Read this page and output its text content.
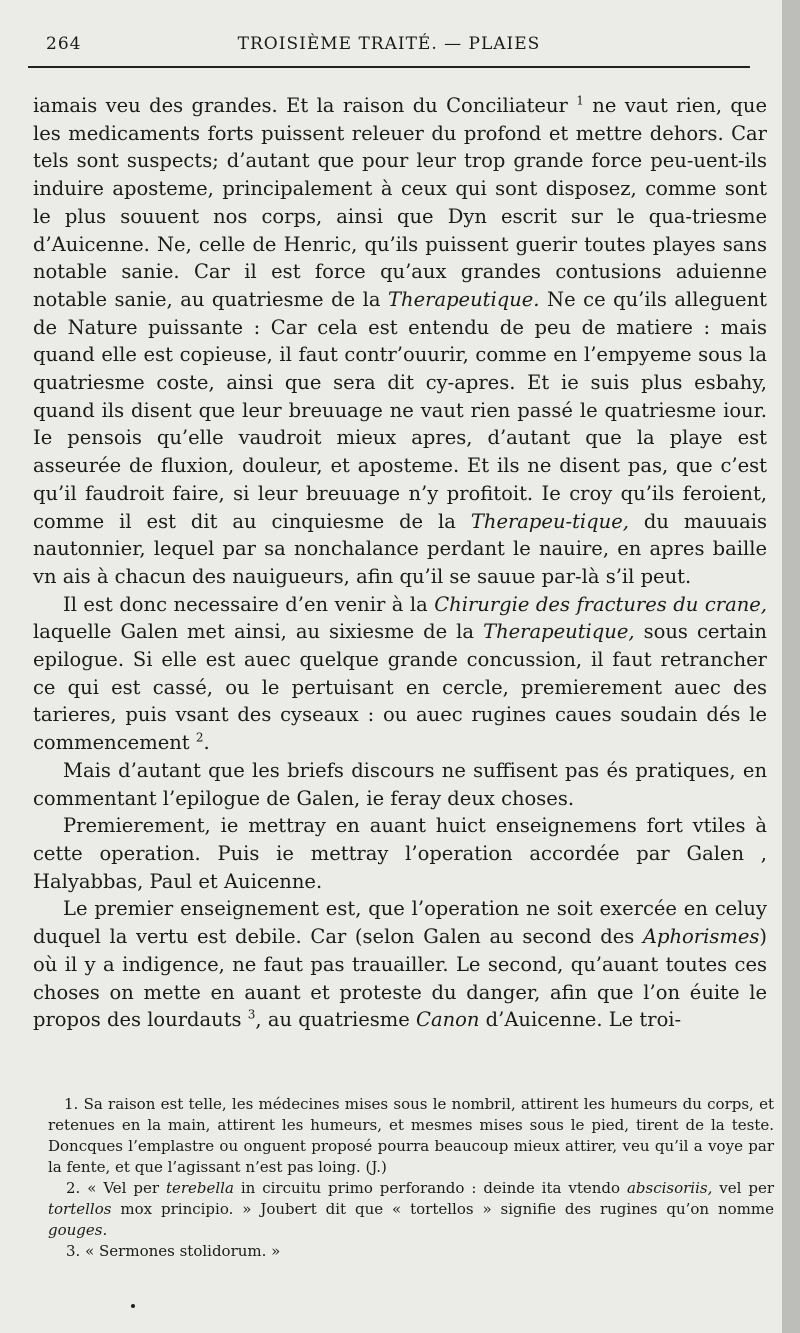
264	TROISIÈME TRAITÉ. — PLAIES

iamais veu des grandes. Et la raison du Conciliateur $^1$ ne vaut rien, que les medicaments forts puissent releuer du profond et mettre dehors. Car tels sont suspects; d’autant que pour leur trop grande force peu-uent-ils induire aposteme, principalement à ceux qui sont disposez, comme sont le plus souuent nos corps, ainsi que Dyn escrit sur le qua-triesme d’Auicenne. Ne, celle de Henric, qu’ils puissent guerir toutes playes sans notable sanie. Car il est force qu’aux grandes contusions aduienne notable sanie, au quatriesme de la Therapeutique. Ne ce qu’ils alleguent de Nature puissante : Car cela est entendu de peu de matiere : mais quand elle est copieuse, il faut contr’ouurir, comme en l’empyeme sous la quatriesme coste, ainsi que sera dit cy-apres. Et ie suis plus esbahy, quand ils disent que leur breuuage ne vaut rien passé le quatriesme iour. Ie pensois qu’elle vaudroit mieux apres, d’autant que la playe est asseurée de fluxion, douleur, et aposteme. Et ils ne disent pas, que c’est qu’il faudroit faire, si leur breuuage n’y profitoit. Ie croy qu’ils feroient, comme il est dit au cinquiesme de la Therapeu-tique, du mauuais nautonnier, lequel par sa nonchalance perdant le nauire, en apres baille vn ais à chacun des nauigueurs, afin qu’il se sauue par-là s’il peut.

Il est donc necessaire d’en venir à la Chirurgie des fractures du crane, laquelle Galen met ainsi, au sixiesme de la Therapeutique, sous certain epilogue. Si elle est auec quelque grande concussion, il faut retrancher ce qui est cassé, ou le pertuisant en cercle, premierement auec des tarieres, puis vsant des cyseaux : ou auec rugines caues soudain dés le commencement $^2$.

Mais d’autant que les briefs discours ne suffisent pas és pratiques, en commentant l’epilogue de Galen, ie feray deux choses.

Premierement, ie mettray en auant huict enseignemens fort vtiles à cette operation. Puis ie mettray l’operation accordée par Galen , Halyabbas, Paul et Auicenne.

Le premier enseignement est, que l’operation ne soit exercée en celuy duquel la vertu est debile. Car (selon Galen au second des Aphorismes) où il y a indigence, ne faut pas trauailler. Le second, qu’auant toutes ces choses on mette en auant et proteste du danger, afin que l’on éuite le propos des lourdauts $^3$, au quatriesme Canon d’Auicenne. Le troi-

1. Sa raison est telle, les médecines mises sous le nombril, attirent les humeurs du corps, et retenues en la main, attirent les humeurs, et mesmes mises sous le pied, tirent de la teste. Doncques l’emplastre ou onguent proposé pourra beaucoup mieux attirer, veu qu’il a voye par la fente, et que l’agissant n’est pas loing. (J.)

2. « Vel per terebella in circuitu primo perforando : deinde ita vtendo abscisoriis, vel per tortellos mox principio. » Joubert dit que « tortellos » signifie des rugines qu’on nomme gouges.

3. « Sermones stolidorum. »
